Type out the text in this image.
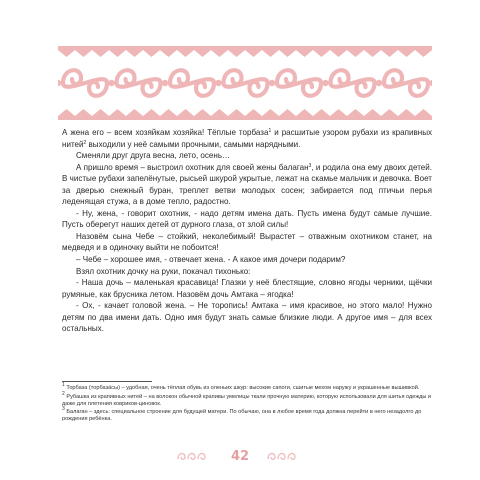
А жена его – всем хозяйкам хозяйка! Тёплые торбаза$^1$ и расшитые узором рубахи из крапивных нитей$^2$ выходили у неё самыми прочными, самыми нарядными.

Сменяли друг друга весна, лето, осень…

А пришло время – выстроил охотник для своей жены балаган$^3$, и родила она ему двоих детей. В чистые рубахи запелёнутые, рысьей шкурой укрытые, лежат на скамье мальчик и девочка. Воет за дверью снежный буран, треплет ветви молодых сосен; забирается под птичьи перья леденящая стужа, а в доме тепло, радостно.

- Ну, жена, - говорит охотник, - надо детям имена дать. Пусть имена будут самые лучшие. Пусть оберегут наших детей от дурного глаза, от злой силы!

Назовём сына Чебе – стойкий, неколебимый! Вырастет – отважным охотником станет, на медведя и в одиночку выйти не побоится!

– Чебе – хорошее имя, - отвечает жена. - А какое имя дочери подарим?

Взял охотник дочку на руки, покачал тихонько:

- Наша дочь – маленькая красавица! Глазки у неё блестящие, словно ягоды черники, щёчки румяные, как брусника летом. Назовём дочь Амтака – ягодка!

- Ох, - качает головой жена. – Не торопись! Амтака – имя красивое, но этого мало! Нужно детям по два имени дать. Одно имя будут знать самые близкие люди. А другое имя – для всех остальных.

$^1$ Торбаза (торбаза́сы) – удобная, очень тёплая обувь из оленьих шкур: высокие сапоги, сшитые мехом наружу и украшенные вышивкой.
$^2$ Рубашка из крапивных нитей – на волокон обычной крапивы умелицы ткали прочную материю, которую использовали для шитья одежды и даже для плетения ковриков-циновок.
$^3$ Балаган – здесь: специальное строение для будущей матери. По обычаю, она в любое время года должна перейти в него незадолго до рождения ребёнка.
42
